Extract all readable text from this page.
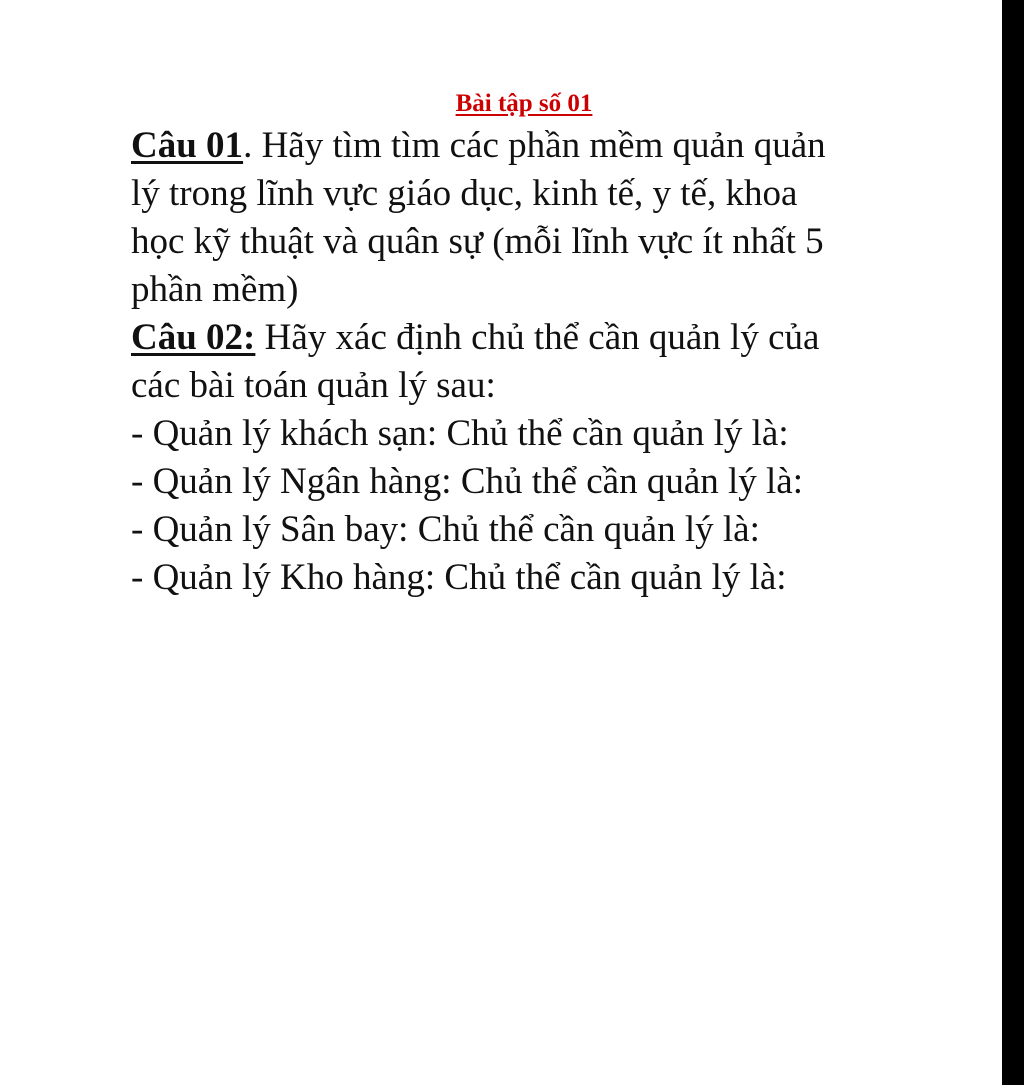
Bài tập số 01

Câu 01. Hãy tìm tìm các phần mềm quản quản

lý trong lĩnh vực giáo dục, kinh tế, y tế, khoa

học kỹ thuật và quân sự (mỗi lĩnh vực ít nhất 5

phần mềm)

Câu 02: Hãy xác định chủ thể cần quản lý của

các bài toán quản lý sau:

- Quản lý khách sạn: Chủ thể cần quản lý là:

- Quản lý Ngân hàng: Chủ thể cần quản lý là:

- Quản lý Sân bay: Chủ thể cần quản lý là:

- Quản lý Kho hàng: Chủ thể cần quản lý là:
